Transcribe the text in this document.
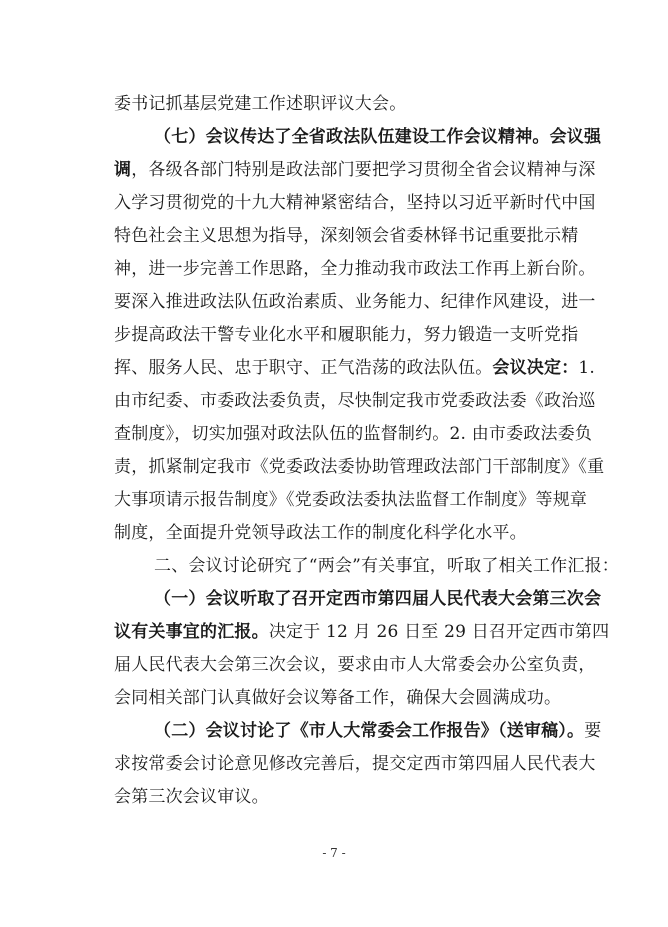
委书记抓基层党建工作述职评议大会。
（七）会议传达了全省政法队伍建设工作会议精神。会议强
调，各级各部门特别是政法部门要把学习贯彻全省会议精神与深
入学习贯彻党的十九大精神紧密结合，坚持以习近平新时代中国
特色社会主义思想为指导，深刻领会省委林铎书记重要批示精
神，进一步完善工作思路，全力推动我市政法工作再上新台阶。
要深入推进政法队伍政治素质、业务能力、纪律作风建设，进一
步提高政法干警专业化水平和履职能力，努力锻造一支听党指
挥、服务人民、忠于职守、正气浩荡的政法队伍。会议决定：1.
由市纪委、市委政法委负责，尽快制定我市党委政法委《政治巡
查制度》，切实加强对政法队伍的监督制约。2. 由市委政法委负
责，抓紧制定我市《党委政法委协助管理政法部门干部制度》《重
大事项请示报告制度》《党委政法委执法监督工作制度》等规章
制度，全面提升党领导政法工作的制度化科学化水平。
二、会议讨论研究了“两会”有关事宜，听取了相关工作汇报：
（一）会议听取了召开定西市第四届人民代表大会第三次会
议有关事宜的汇报。决定于 12 月 26 日至 29 日召开定西市第四
届人民代表大会第三次会议，要求由市人大常委会办公室负责，
会同相关部门认真做好会议筹备工作，确保大会圆满成功。
（二）会议讨论了《市人大常委会工作报告》（送审稿）。要
求按常委会讨论意见修改完善后，提交定西市第四届人民代表大
会第三次会议审议。
- 7 -
